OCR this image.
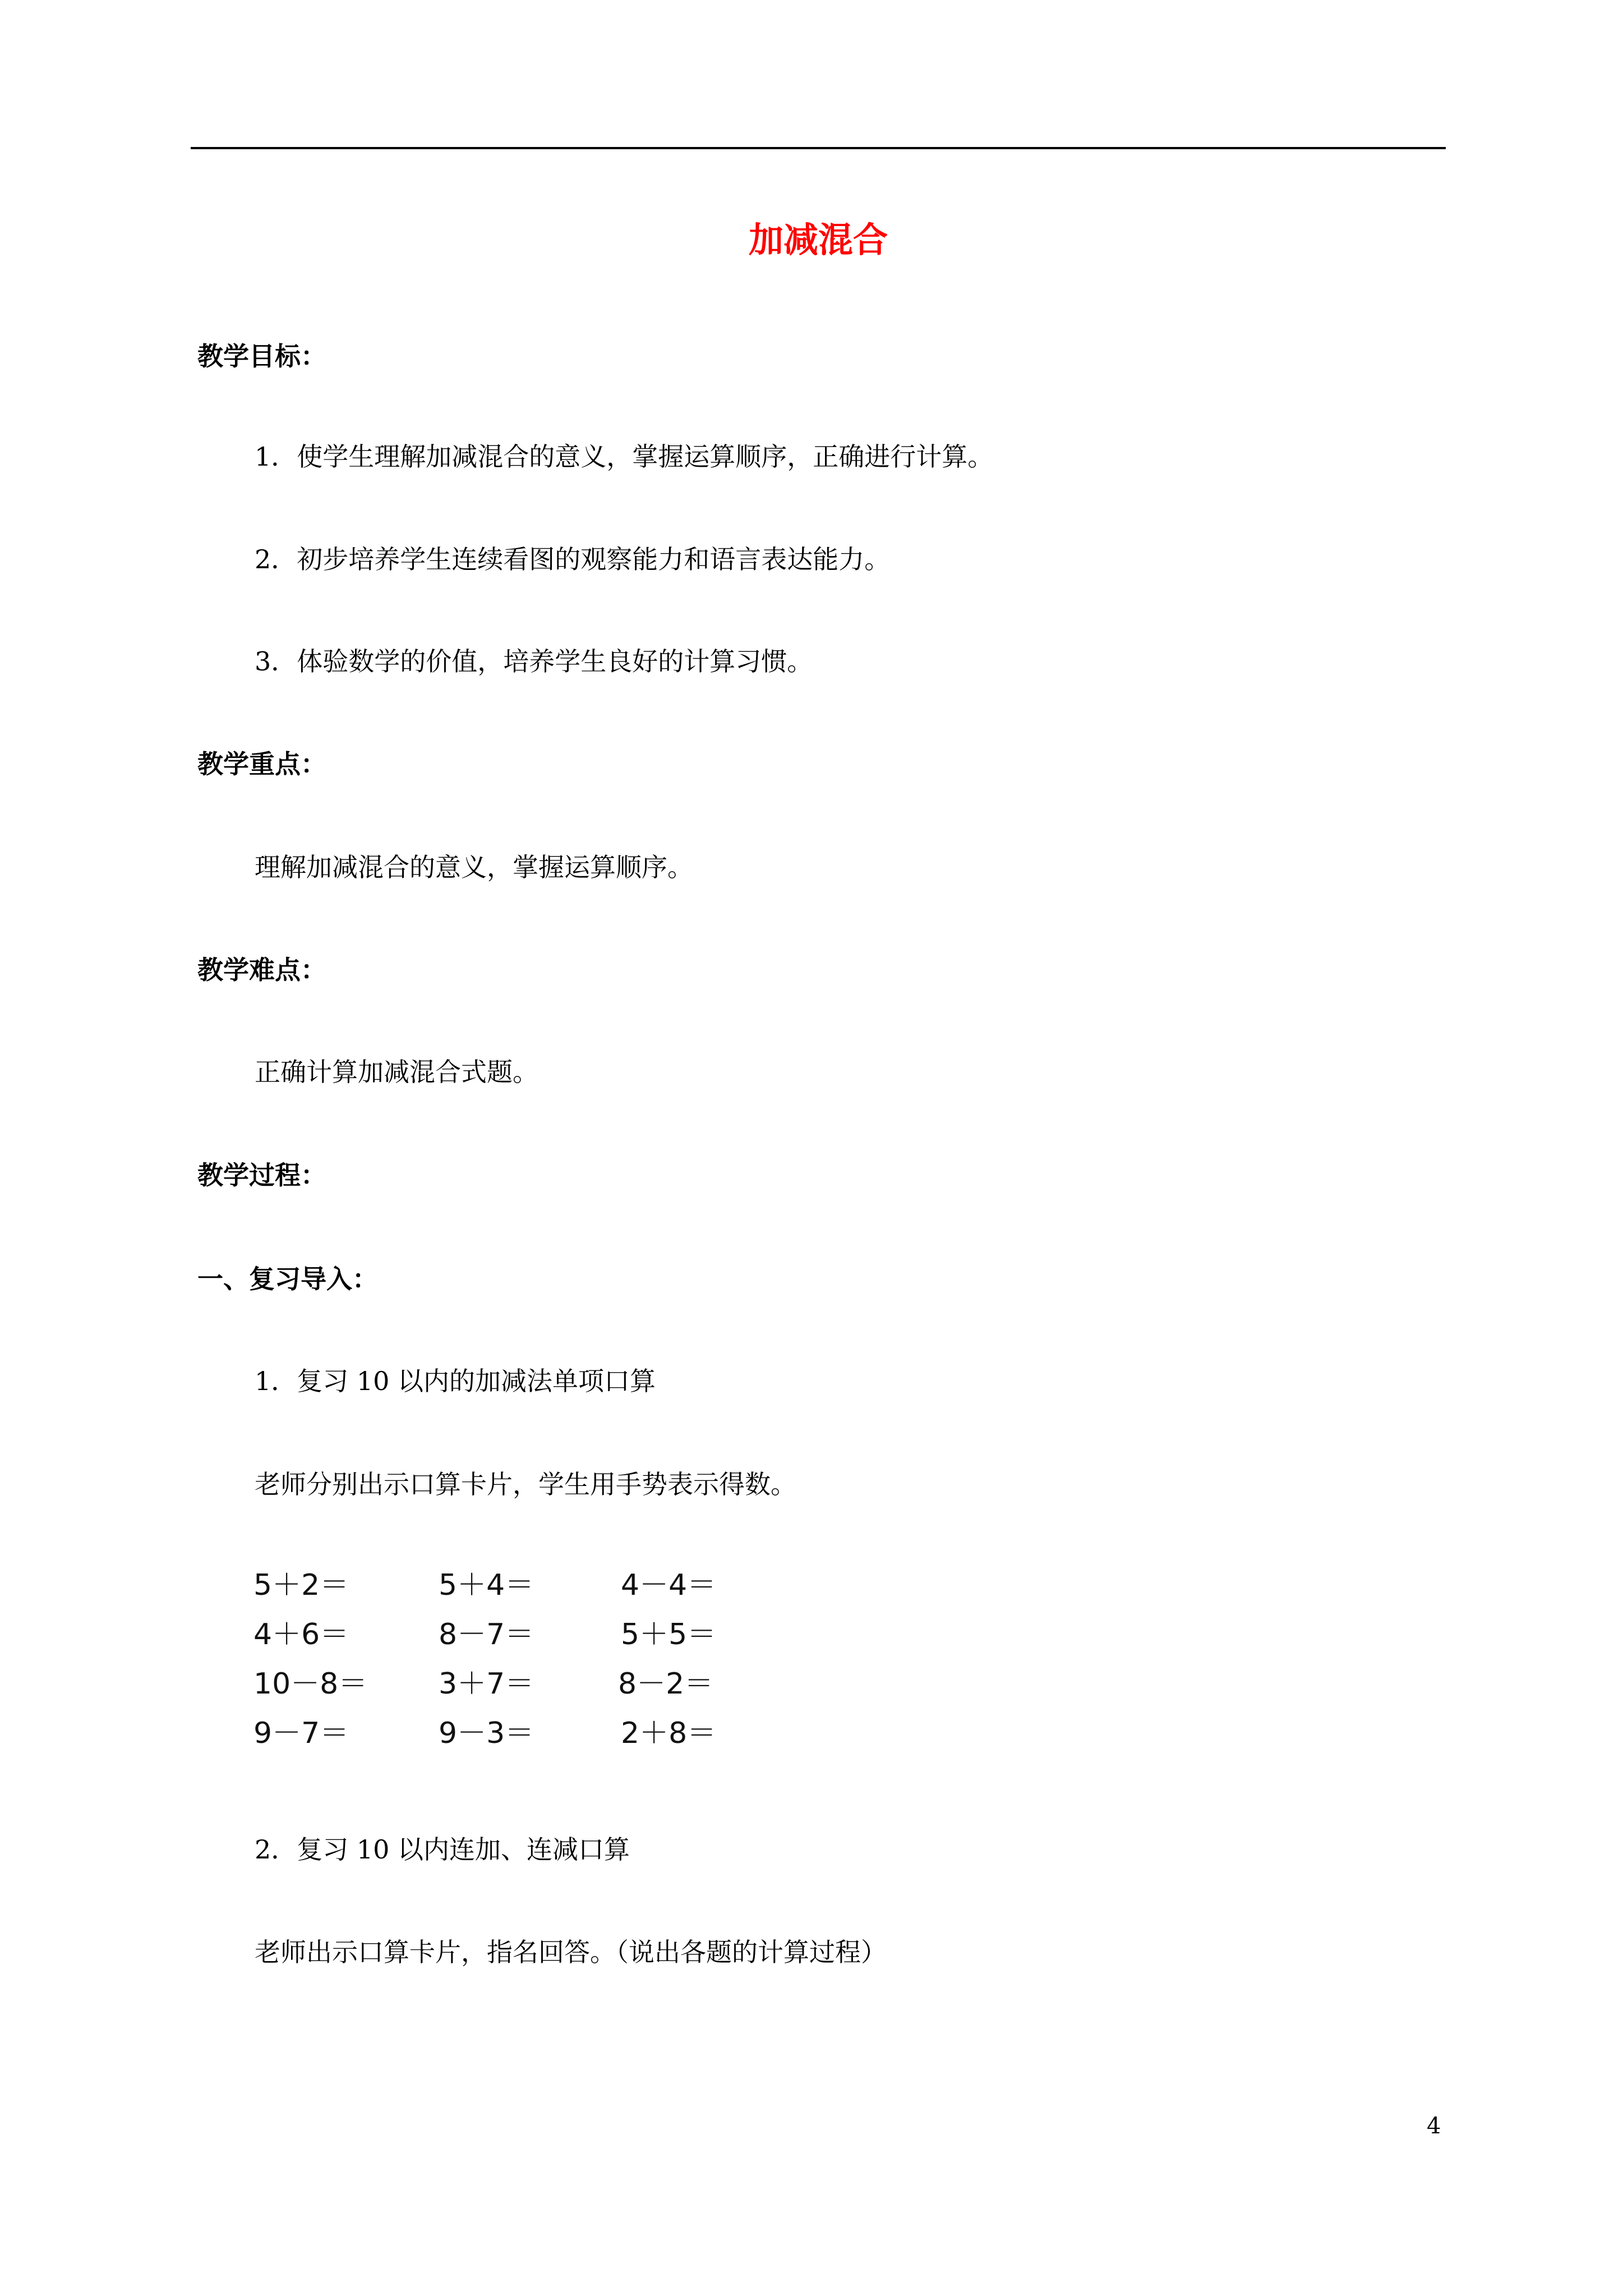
加减混合
教学目标：
1．使学生理解加减混合的意义，掌握运算顺序，正确进行计算。
2．初步培养学生连续看图的观察能力和语言表达能力。
3．体验数学的价值，培养学生良好的计算习惯。
教学重点：
理解加减混合的意义，掌握运算顺序。
教学难点：
正确计算加减混合式题。
教学过程：
一、复习导入：
1．复习 10 以内的加减法单项口算
老师分别出示口算卡片，学生用手势表示得数。
5＋2＝	5＋4＝	4－4＝
4＋6＝	8－7＝	5＋5＝
10－8＝ 3＋7＝	8－2＝
9－7＝	9－3＝	2＋8＝
2．复习 10 以内连加、连减口算
老师出示口算卡片，指名回答。（说出各题的计算过程）
4
